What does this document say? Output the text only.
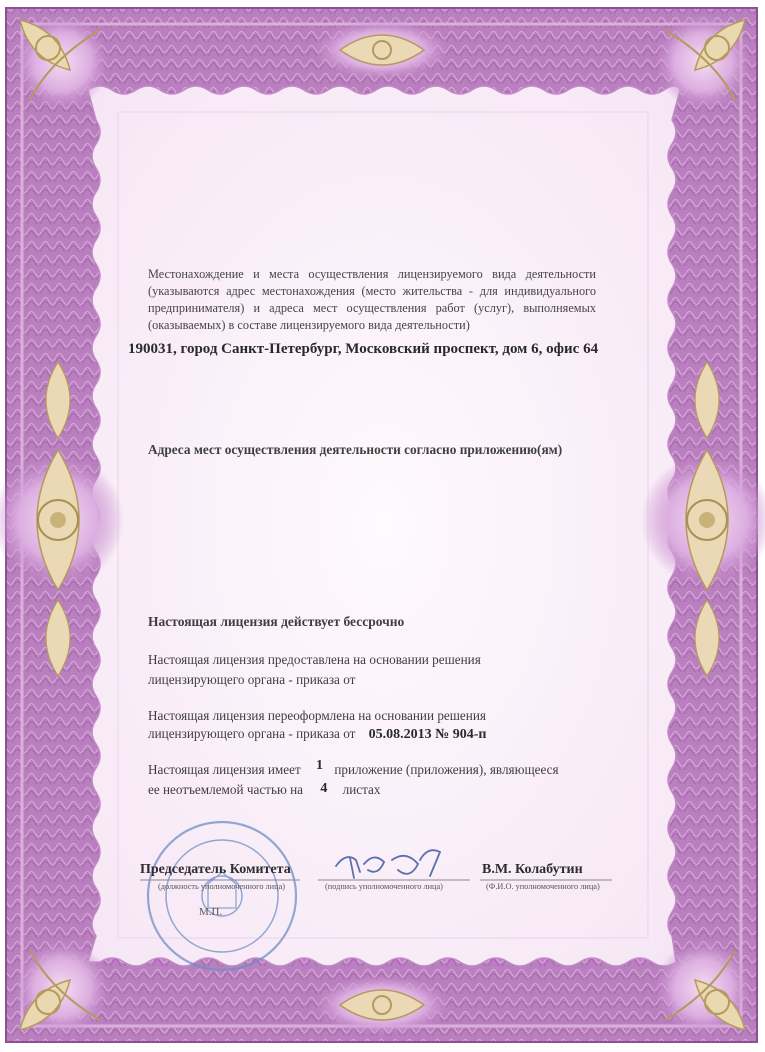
Местонахождение и места осуществления лицензируемого вида деятельности (указываются адрес местонахождения (место жительства - для индивидуального предпринимателя) и адреса мест осуществления работ (услуг), выполняемых (оказываемых) в составе лицензируемого вида деятельности)
190031, город Санкт-Петербург, Московский проспект, дом 6, офис 64
Адреса мест осуществления деятельности согласно приложению(ям)
Настоящая лицензия действует бессрочно
Настоящая лицензия предоставлена на основании решения
лицензирующего органа - приказа от
Настоящая лицензия переоформлена на основании решения
лицензирующего органа - приказа от 05.08.2013 № 904-п
Настоящая лицензия имеет 1 приложение (приложения), являющееся
ее неотъемлемой частью на 4 листах
Председатель Комитета	В.М. Колабутин
(должность уполномоченного лица)	(подпись уполномоченного лица)	(Ф.И.О. уполномоченного лица)
М.П.
